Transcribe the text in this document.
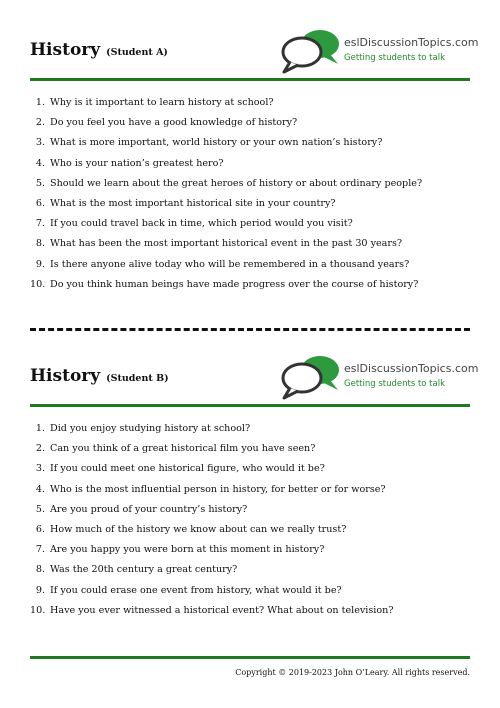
History (Student A)
eslDiscussionTopics.com
Getting students to talk
1. Why is it important to learn history at school?
2. Do you feel you have a good knowledge of history?
3. What is more important, world history or your own nation’s history?
4. Who is your nation’s greatest hero?
5. Should we learn about the great heroes of history or about ordinary people?
6. What is the most important historical site in your country?
7. If you could travel back in time, which period would you visit?
8. What has been the most important historical event in the past 30 years?
9. Is there anyone alive today who will be remembered in a thousand years?
10. Do you think human beings have made progress over the course of history?
History (Student B)
eslDiscussionTopics.com
Getting students to talk
1. Did you enjoy studying history at school?
2. Can you think of a great historical film you have seen?
3. If you could meet one historical figure, who would it be?
4. Who is the most influential person in history, for better or for worse?
5. Are you proud of your country’s history?
6. How much of the history we know about can we really trust?
7. Are you happy you were born at this moment in history?
8. Was the 20th century a great century?
9. If you could erase one event from history, what would it be?
10. Have you ever witnessed a historical event? What about on television?
Copyright © 2019-2023 John O’Leary. All rights reserved.
